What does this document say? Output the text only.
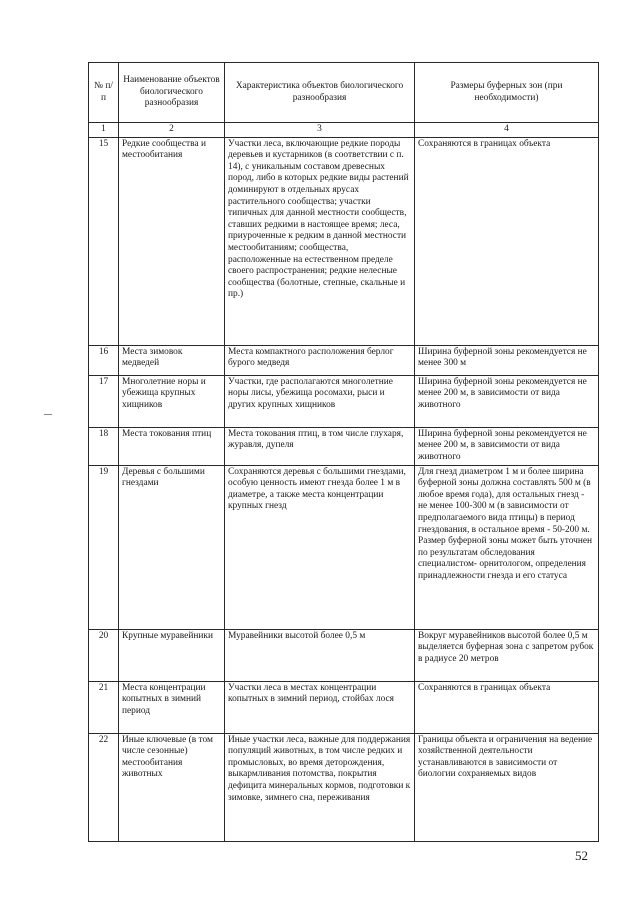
№ п/п	Наименование объектов биологического разнообразия	Характеристика объектов биологического разнообразия	Размеры буферных зон (при необходимости)
1	2	3	4
15	Редкие сообщества и местообитания	Участки леса, включающие редкие породы деревьев и кустарников (в соответствии с п. 14), с уникальным составом древесных пород, либо в которых редкие виды растений доминируют в отдельных ярусах растительного сообщества; участки типичных для данной местности сообществ, ставших редкими в настоящее время; леса, приуроченные к редким в данной местности местообитаниям; сообщества, расположенные на естественном пределе своего распространения; редкие нелесные сообщества (болотные, степные, скальные и пр.)	Сохраняются в границах объекта
16	Места зимовок медведей	Места компактного расположения берлог бурого медведя	Ширина буферной зоны рекомендуется не менее 300 м
17	Многолетние норы и убежища крупных хищников	Участки, где располагаются многолетние норы лисы, убежища росомахи, рыси и других крупных хищников	Ширина буферной зоны рекомендуется не менее 200 м, в зависимости от вида животного
18	Места токования птиц	Места токования птиц, в том числе глухаря, журавля, дупеля	Ширина буферной зоны рекомендуется не менее 200 м, в зависимости от вида животного
19	Деревья с большими гнездами	Сохраняются деревья с большими гнездами, особую ценность имеют гнезда более 1 м в диаметре, а также места концентрации крупных гнезд	Для гнезд диаметром 1 м и более ширина буферной зоны должна составлять 500 м (в любое время года), для остальных гнезд - не менее 100-300 м (в зависимости от предполагаемого вида птицы) в период гнездования, в остальное время - 50-200 м. Размер буферной зоны может быть уточнен по результатам обследования специалистом- орнитологом, определения принадлежности гнезда и его статуса
20	Крупные муравейники	Муравейники высотой более 0,5 м	Вокруг муравейников высотой более 0,5 м выделяется буферная зона с запретом рубок в радиусе 20 метров
21	Места концентрации копытных в зимний период	Участки леса в местах концентрации копытных в зимний период, стойбах лося	Сохраняются в границах объекта
22	Иные ключевые (в том числе сезонные) местообитания животных	Иные участки леса, важные для поддержания популяций животных, в том числе редких и промысловых, во время деторождения, выкармливания потомства, покрытия дефицита минеральных кормов, подготовки к зимовке, зимнего сна, переживания	Границы объекта и ограничения на ведение хозяйственной деятельности устанавливаются в зависимости от биологии сохраняемых видов
52
